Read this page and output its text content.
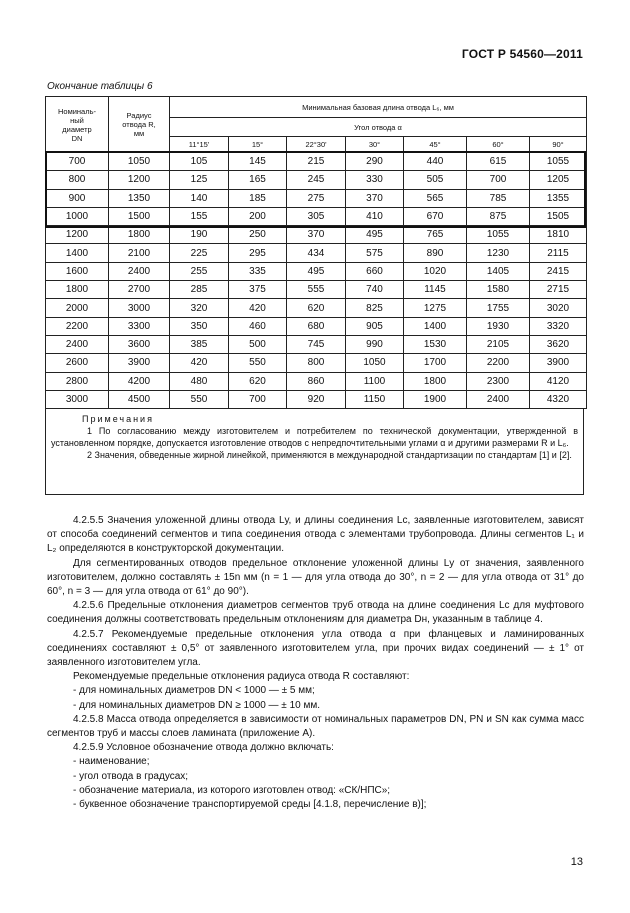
ГОСТ Р 54560—2011
Окончание таблицы 6
Номиналь-
ный
диаметр
DN	Радиус
отвода R,
мм	Минимальная базовая длина отвода L₆, мм						
		Угол отвода α						
		11°15'	15°	22°30'	30°	45°	60°	90°
700	1050	105	145	215	290	440	615	1055
800	1200	125	165	245	330	505	700	1205
900	1350	140	185	275	370	565	785	1355
1000	1500	155	200	305	410	670	875	1505
1200	1800	190	250	370	495	765	1055	1810
1400	2100	225	295	434	575	890	1230	2115
1600	2400	255	335	495	660	1020	1405	2415
1800	2700	285	375	555	740	1145	1580	2715
2000	3000	320	420	620	825	1275	1755	3020
2200	3300	350	460	680	905	1400	1930	3320
2400	3600	385	500	745	990	1530	2105	3620
2600	3900	420	550	800	1050	1700	2200	3900
2800	4200	480	620	860	1100	1800	2300	4120
3000	4500	550	700	920	1150	1900	2400	4320
Примечания

1 По согласованию между изготовителем и потребителем по технической документации, утвержденной в установленном порядке, допускается изготовление отводов с непредпочтительными углами α и другими размерами R и L₆.

2 Значения, обведенные жирной линейкой, применяются в международной стандартизации по стандартам [1] и [2].

4.2.5.5 Значения уложенной длины отвода Lу, и длины соединения Lс, заявленные изготовителем, зависят от способа соединений сегментов и типа соединения отвода с элементами трубопровода. Длины сегментов L₁ и L₂ определяются в конструкторской документации.

Для сегментированных отводов предельное отклонение уложенной длины Lу от значения, заявленного изготовителем, должно составлять ± 15n мм (n = 1 — для угла отвода до 30°, n = 2 — для угла отвода от 31° до 60°, n = 3 — для угла отвода от 61° до 90°).

4.2.5.6 Предельные отклонения диаметров сегментов труб отвода на длине соединения Lс для муфтового соединения должны соответствовать предельным отклонениям для диаметра Dн, указанным в таблице 4.

4.2.5.7 Рекомендуемые предельные отклонения угла отвода α при фланцевых и ламинированных соединениях составляют ± 0,5° от заявленного изготовителем угла, при прочих видах соединений — ± 1° от заявленного изготовителем угла.

Рекомендуемые предельные отклонения радиуса отвода R составляют:

- для номинальных диаметров DN < 1000 — ± 5 мм;

- для номинальных диаметров DN ≥ 1000 — ± 10 мм.

4.2.5.8 Масса отвода определяется в зависимости от номинальных параметров DN, PN и SN как сумма масс сегментов труб и массы слоев ламината (приложение А).

4.2.5.9 Условное обозначение отвода должно включать:

- наименование;

- угол отвода в градусах;

- обозначение материала, из которого изготовлен отвод: «СК/НПС»;

- буквенное обозначение транспортируемой среды [4.1.8, перечисление в)];

13
